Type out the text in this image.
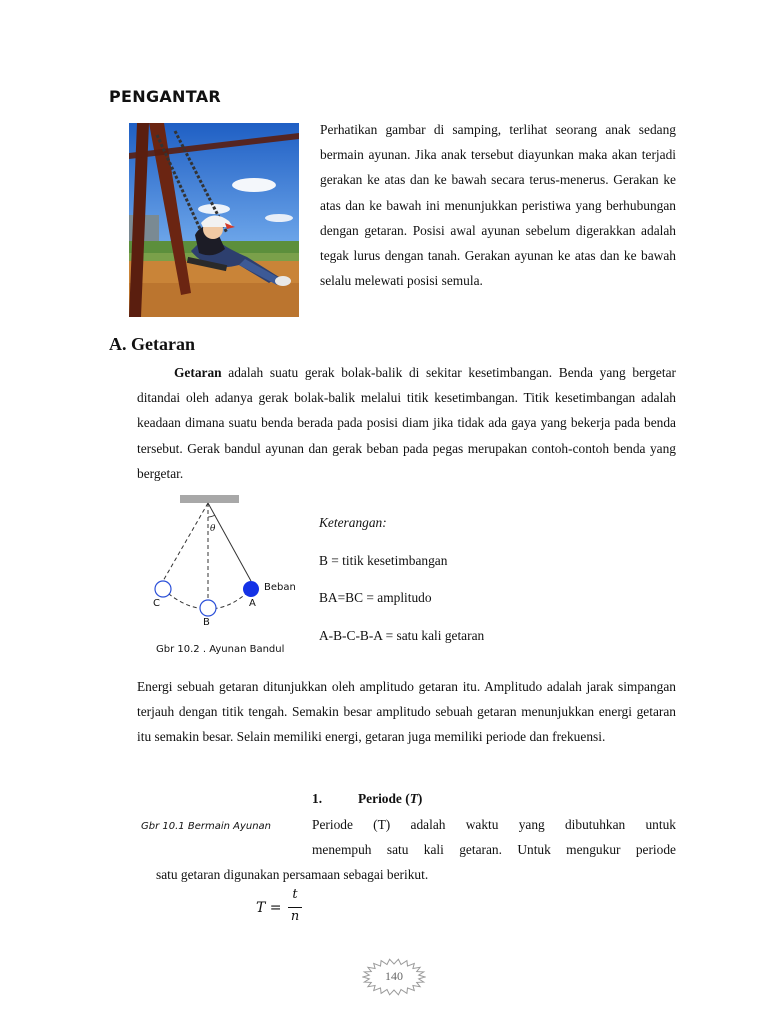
PENGANTAR
Perhatikan gambar di samping, terlihat seorang anak sedang bermain ayunan. Jika anak tersebut diayunkan maka akan terjadi gerakan ke atas dan ke bawah secara terus-menerus. Gerakan ke atas dan ke bawah ini menunjukkan peristiwa yang berhubungan dengan getaran. Posisi awal ayunan sebelum digerakkan adalah tegak lurus dengan tanah. Gerakan ayunan ke atas dan ke bawah selalu melewati posisi semula.
A. Getaran
Getaran adalah suatu gerak bolak-balik di sekitar kesetimbangan. Benda yang bergetar ditandai oleh adanya gerak bolak-balik melalui titik kesetimbangan. Titik kesetimbangan adalah keadaan dimana suatu benda berada pada posisi diam jika tidak ada gaya yang bekerja pada benda tersebut. Gerak bandul ayunan dan gerak beban pada pegas merupakan contoh-contoh benda yang bergetar.
θ
Beban
C
B
A
Gbr 10.2 . Ayunan Bandul
Keterangan:
B = titik kesetimbangan
BA=BC = amplitudo
A-B-C-B-A = satu kali getaran
Energi sebuah getaran ditunjukkan oleh amplitudo getaran itu. Amplitudo adalah jarak simpangan terjauh dengan titik tengah. Semakin besar amplitudo sebuah getaran menunjukkan energi getaran itu semakin besar. Selain memiliki energi, getaran juga memiliki periode dan frekuensi.
1.	Periode (T)
Gbr 10.1 Bermain Ayunan	Periode (T) adalah waktu yang dibutuhkan untuk
menempuh satu kali getaran. Untuk mengukur periode
satu getaran digunakan persamaan sebagai berikut.
T =
t
n
140
